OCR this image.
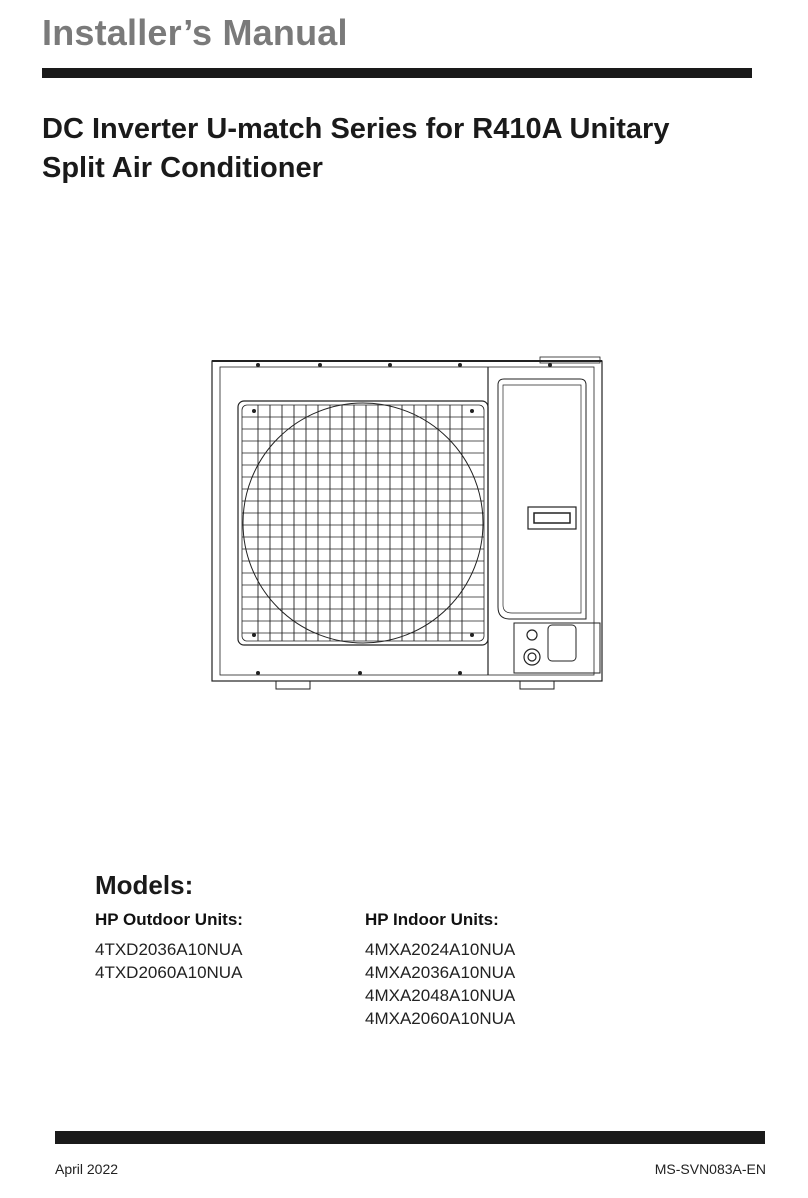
Installer’s Manual
DC Inverter U-match Series for R410A Unitary
Split Air Conditioner
Models:
HP Outdoor Units:
4TXD2036A10NUA
4TXD2060A10NUA
HP Indoor Units:
4MXA2024A10NUA
4MXA2036A10NUA
4MXA2048A10NUA
4MXA2060A10NUA
April 2022	MS-SVN083A-EN
